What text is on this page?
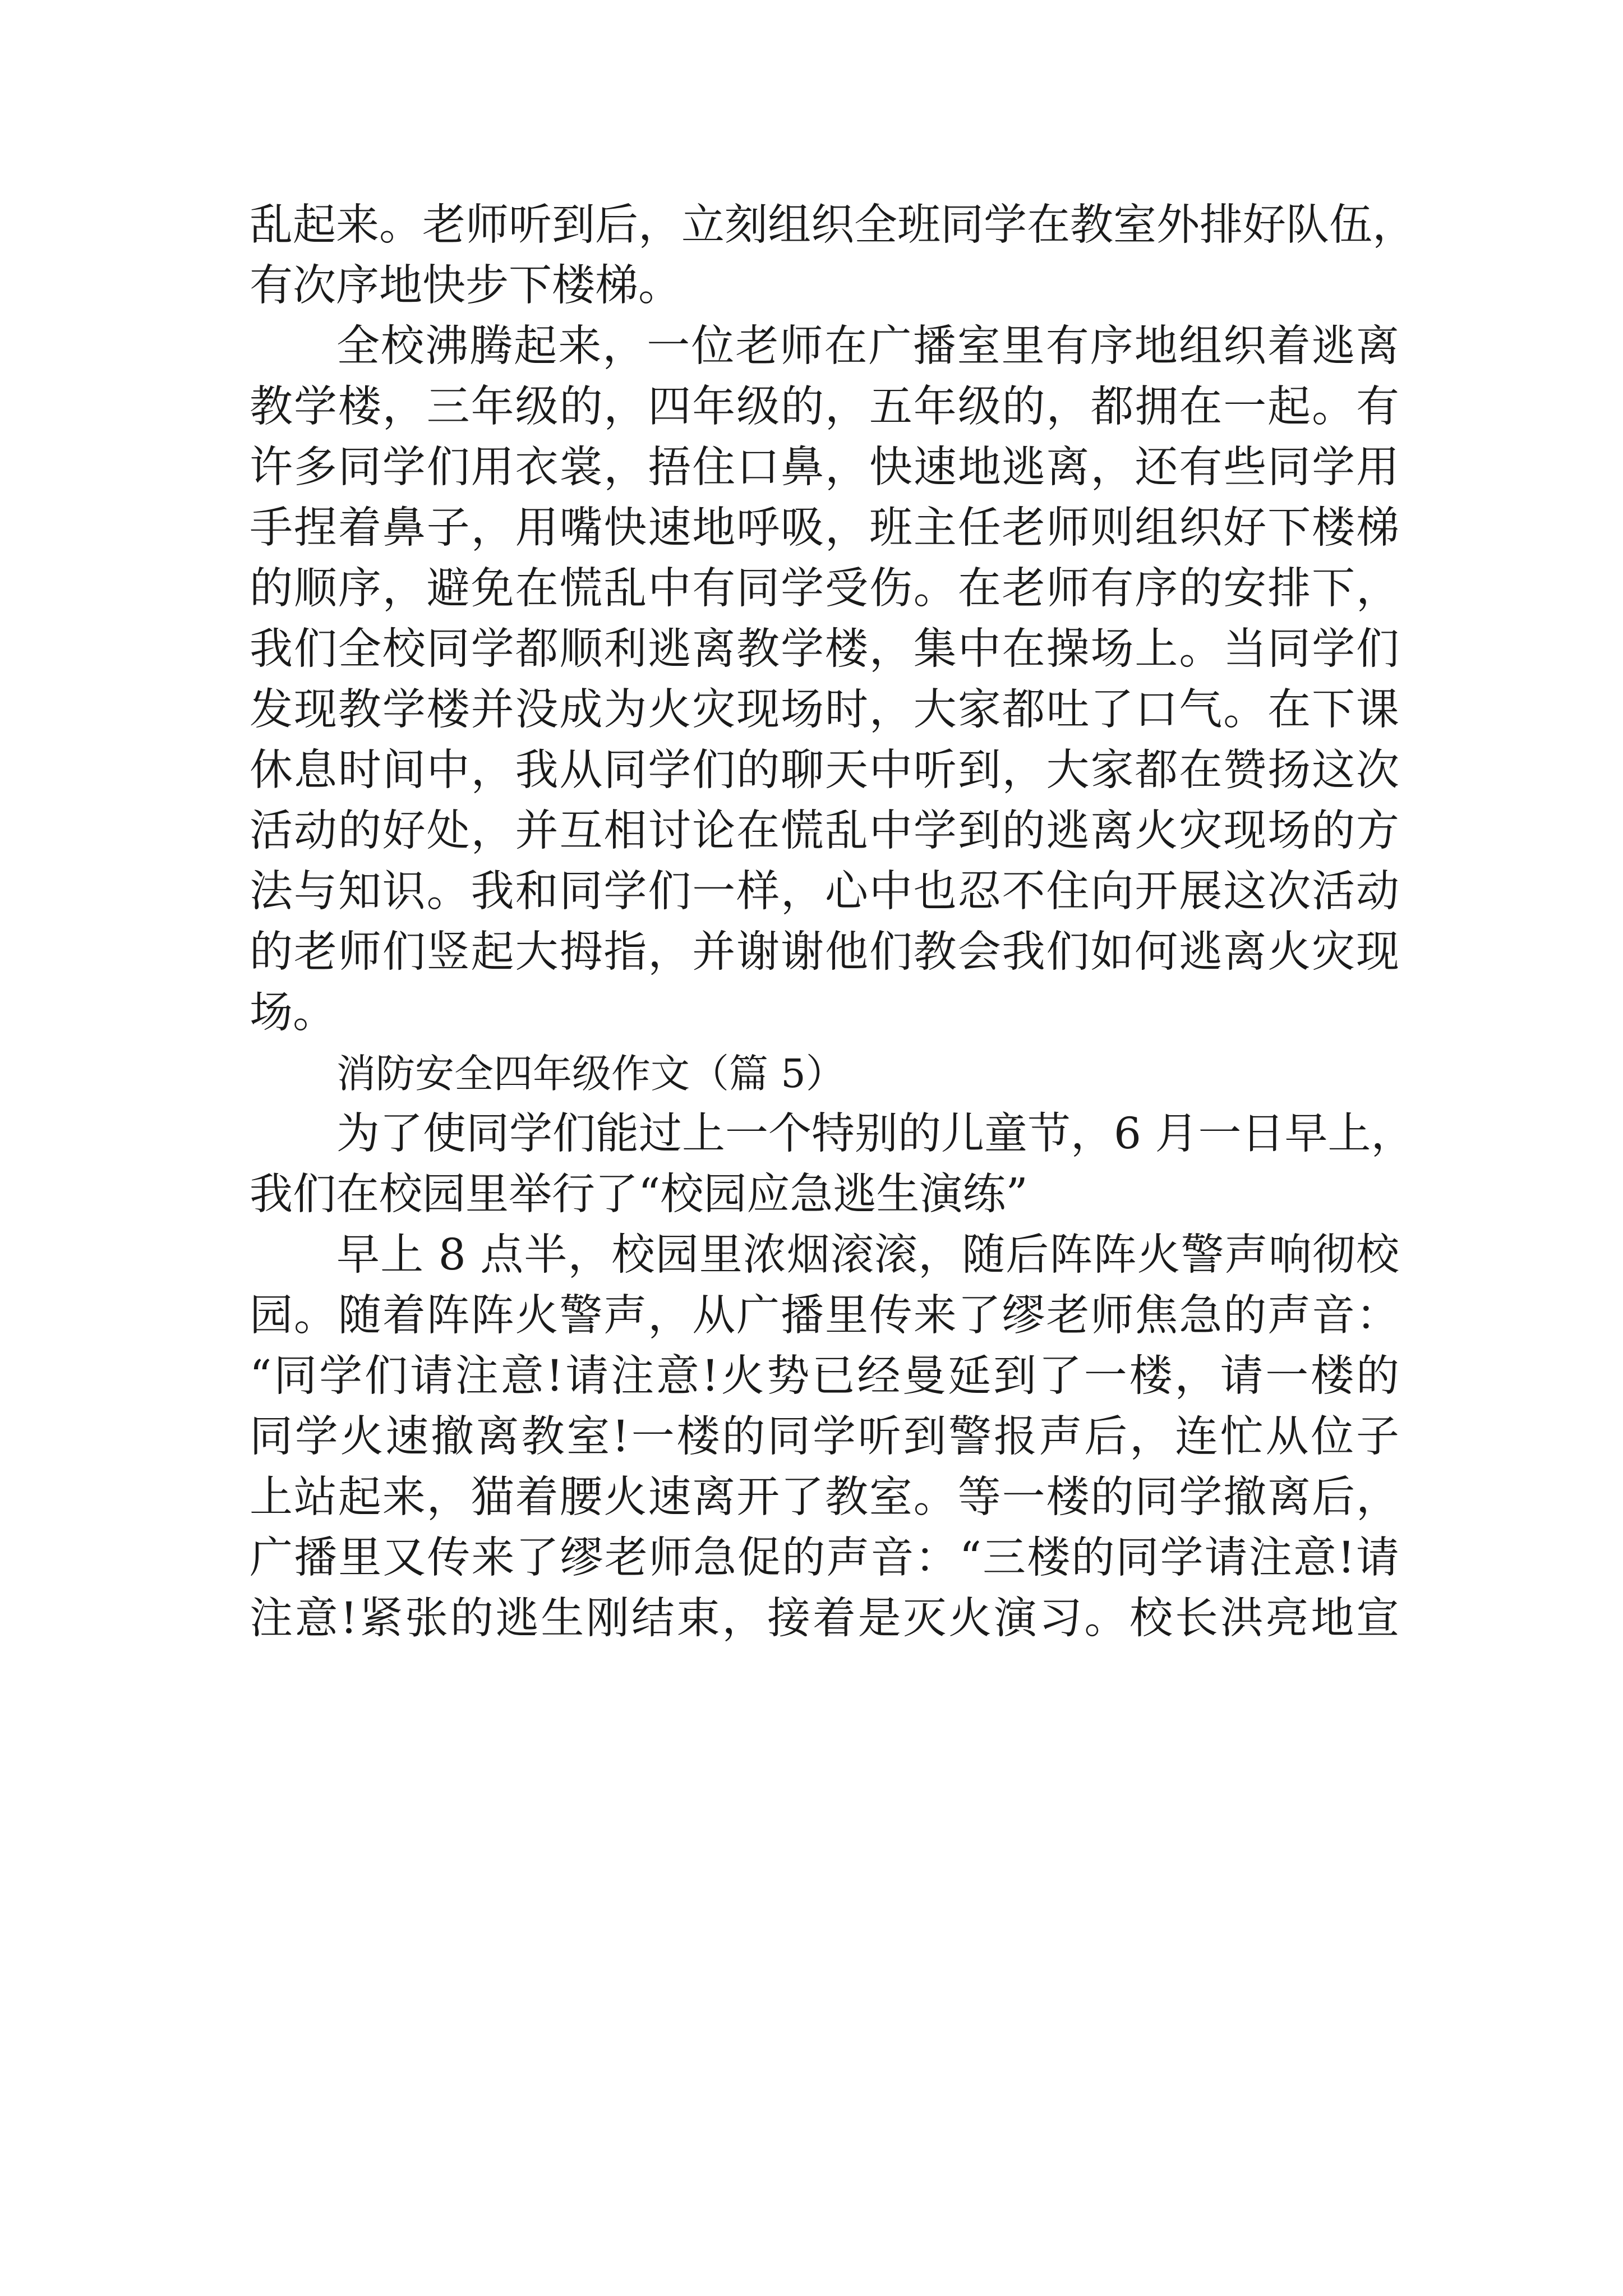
乱起来。老师听到后，立刻组织全班同学在教室外排好队伍，
有次序地快步下楼梯。
全校沸腾起来，一位老师在广播室里有序地组织着逃离
教学楼，三年级的，四年级的，五年级的，都拥在一起。有
许多同学们用衣裳，捂住口鼻，快速地逃离，还有些同学用
手捏着鼻子，用嘴快速地呼吸，班主任老师则组织好下楼梯
的顺序，避免在慌乱中有同学受伤。在老师有序的安排下，
我们全校同学都顺利逃离教学楼，集中在操场上。当同学们
发现教学楼并没成为火灾现场时，大家都吐了口气。在下课
休息时间中，我从同学们的聊天中听到，大家都在赞扬这次
活动的好处，并互相讨论在慌乱中学到的逃离火灾现场的方
法与知识。我和同学们一样，心中也忍不住向开展这次活动
的老师们竖起大拇指，并谢谢他们教会我们如何逃离火灾现
场。
消防安全四年级作文（篇 5）
为了使同学们能过上一个特别的儿童节，6 月一日早上，
我们在校园里举行了“校园应急逃生演练”
早上 8 点半，校园里浓烟滚滚，随后阵阵火警声响彻校
园。随着阵阵火警声，从广播里传来了缪老师焦急的声音：
“同学们请注意!请注意!火势已经曼延到了一楼，请一楼的
同学火速撤离教室!一楼的同学听到警报声后，连忙从位子
上站起来，猫着腰火速离开了教室。等一楼的同学撤离后，
广播里又传来了缪老师急促的声音：“三楼的同学请注意!请
注意!紧张的逃生刚结束，接着是灭火演习。校长洪亮地宣
